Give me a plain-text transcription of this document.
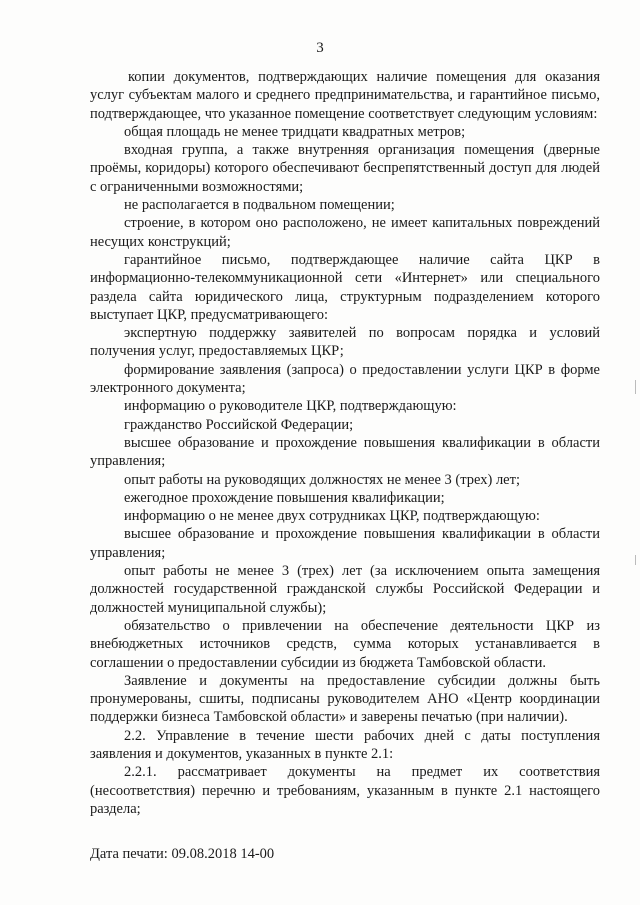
3

копии документов, подтверждающих наличие помещения для оказания услуг субъектам малого и среднего предпринимательства, и гарантийное письмо, подтверждающее, что указанное помещение соответствует следующим условиям:

общая площадь не менее тридцати квадратных метров;

входная группа, а также внутренняя организация помещения (дверные проёмы, коридоры) которого обеспечивают беспрепятственный доступ для людей с ограниченными возможностями;

не располагается в подвальном помещении;

строение, в котором оно расположено, не имеет капитальных повреждений несущих конструкций;

гарантийное письмо, подтверждающее наличие сайта ЦКР в информационно-телекоммуникационной сети «Интернет» или специального раздела сайта юридического лица, структурным подразделением которого выступает ЦКР, предусматривающего:

экспертную поддержку заявителей по вопросам порядка и условий получения услуг, предоставляемых ЦКР;

формирование заявления (запроса) о предоставлении услуги ЦКР в форме электронного документа;

информацию о руководителе ЦКР, подтверждающую:

гражданство Российской Федерации;

высшее образование и прохождение повышения квалификации в области управления;

опыт работы на руководящих должностях не менее 3 (трех) лет;

ежегодное прохождение повышения квалификации;

информацию о не менее двух сотрудниках ЦКР, подтверждающую:

высшее образование и прохождение повышения квалификации в области управления;

опыт работы не менее 3 (трех) лет (за исключением опыта замещения должностей государственной гражданской службы Российской Федерации и должностей муниципальной службы);

обязательство о привлечении на обеспечение деятельности ЦКР из внебюджетных источников средств, сумма которых устанавливается в соглашении о предоставлении субсидии из бюджета Тамбовской области.

Заявление и документы на предоставление субсидии должны быть пронумерованы, сшиты, подписаны руководителем АНО «Центр координации поддержки бизнеса Тамбовской области» и заверены печатью (при наличии).

2.2. Управление в течение шести рабочих дней с даты поступления заявления и документов, указанных в пункте 2.1:

2.2.1. рассматривает документы на предмет их соответствия (несоответствия) перечню и требованиям, указанным в пункте 2.1 настоящего раздела;

Дата печати: 09.08.2018 14-00
